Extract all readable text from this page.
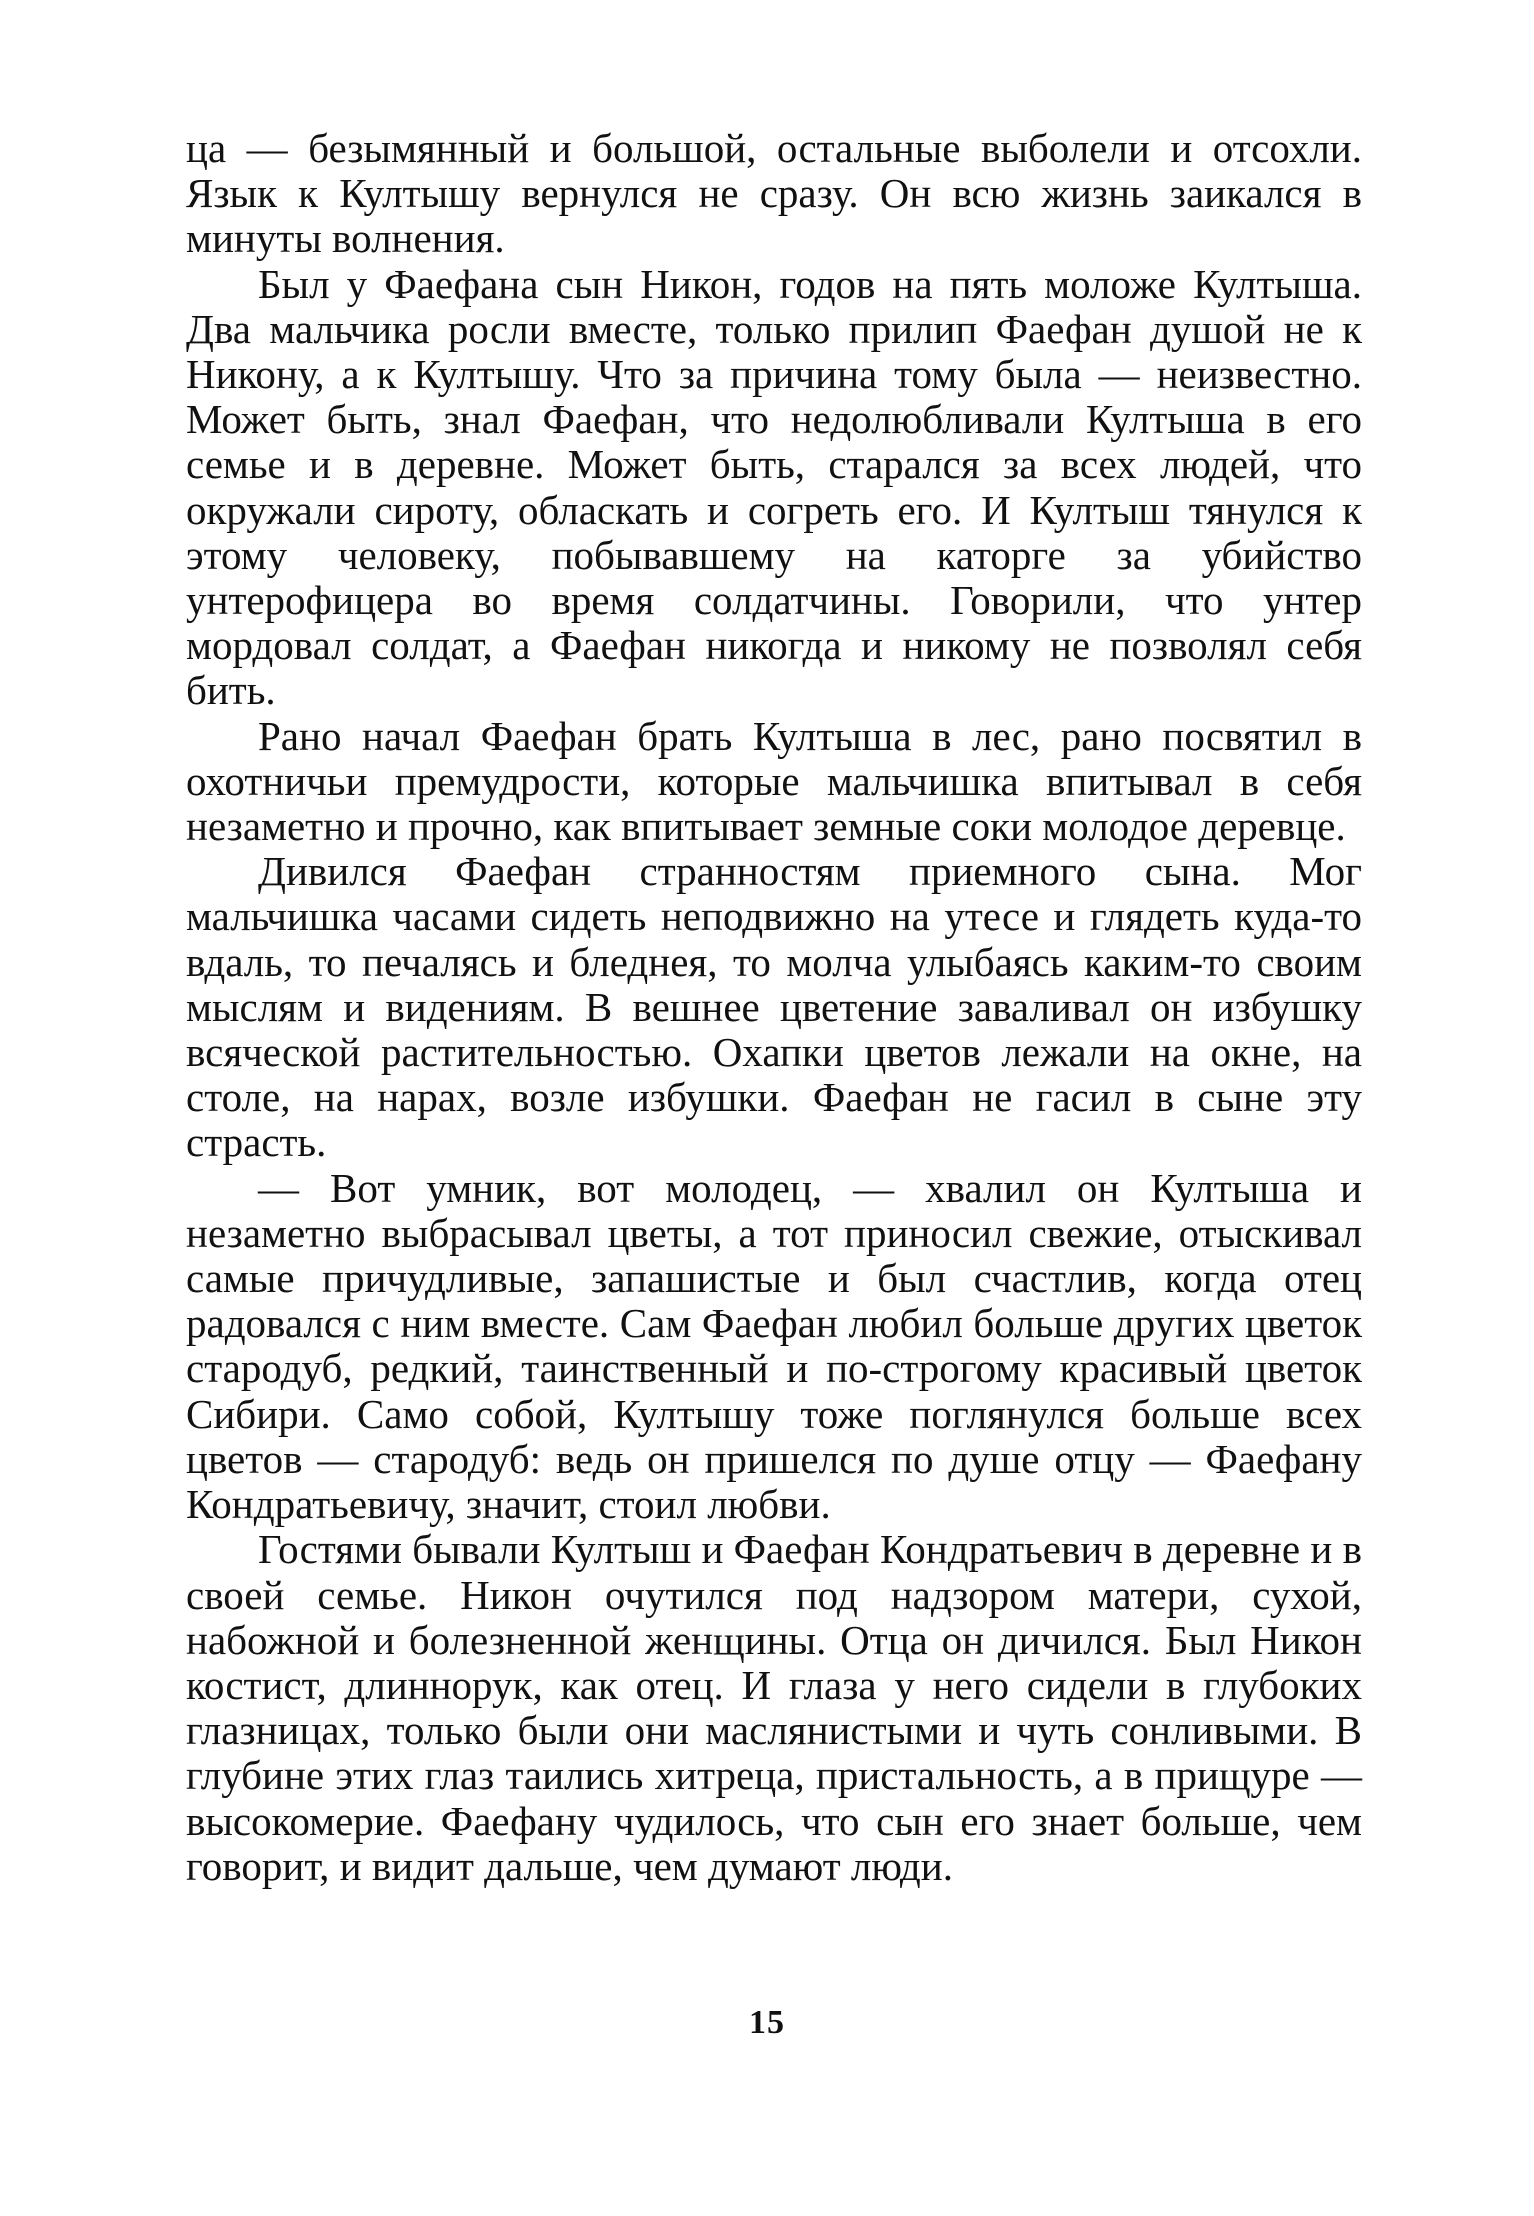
ца — безымянный и большой, остальные выболели и отсохли. Язык к Култышу вернулся не сразу. Он всю жизнь заикался в минуты волнения.

Был у Фаефана сын Никон, годов на пять моложе Култыша. Два мальчика росли вместе, только прилип Фаефан душой не к Никону, а к Култышу. Что за причина тому была — неизвестно. Может быть, знал Фаефан, что недолюбливали Култыша в его семье и в деревне. Может быть, старался за всех людей, что окружали сироту, обласкать и согреть его. И Култыш тянулся к этому человеку, побывавшему на каторге за убийство унтерофицера во время солдатчины. Говорили, что унтер мордовал солдат, а Фаефан никогда и никому не позволял себя бить.

Рано начал Фаефан брать Култыша в лес, рано посвятил в охотничьи премудрости, которые мальчишка впитывал в себя незаметно и прочно, как впитывает земные соки молодое деревце.

Дивился Фаефан странностям приемного сына. Мог мальчишка часами сидеть неподвижно на утесе и глядеть куда-то вдаль, то печалясь и бледнея, то молча улыбаясь каким-то своим мыслям и видениям. В вешнее цветение заваливал он избушку всяческой растительностью. Охапки цветов лежали на окне, на столе, на нарах, возле избушки. Фаефан не гасил в сыне эту страсть.

— Вот умник, вот молодец, — хвалил он Култыша и незаметно выбрасывал цветы, а тот приносил свежие, отыскивал самые причудливые, запашистые и был счастлив, когда отец радовался с ним вместе. Сам Фаефан любил больше других цветок стародуб, редкий, таинственный и по-строгому красивый цветок Сибири. Само собой, Култышу тоже поглянулся больше всех цветов — стародуб: ведь он пришелся по душе отцу — Фаефану Кондратьевичу, значит, стоил любви.

Гостями бывали Култыш и Фаефан Кондратьевич в деревне и в своей семье. Никон очутился под надзором матери, сухой, набожной и болезненной женщины. Отца он дичился. Был Никон костист, длиннорук, как отец. И глаза у него сидели в глубоких глазницах, только были они маслянистыми и чуть сонливыми. В глубине этих глаз таились хитреца, пристальность, а в прищуре — высокомерие. Фаефану чудилось, что сын его знает больше, чем говорит, и видит дальше, чем думают люди.

15
